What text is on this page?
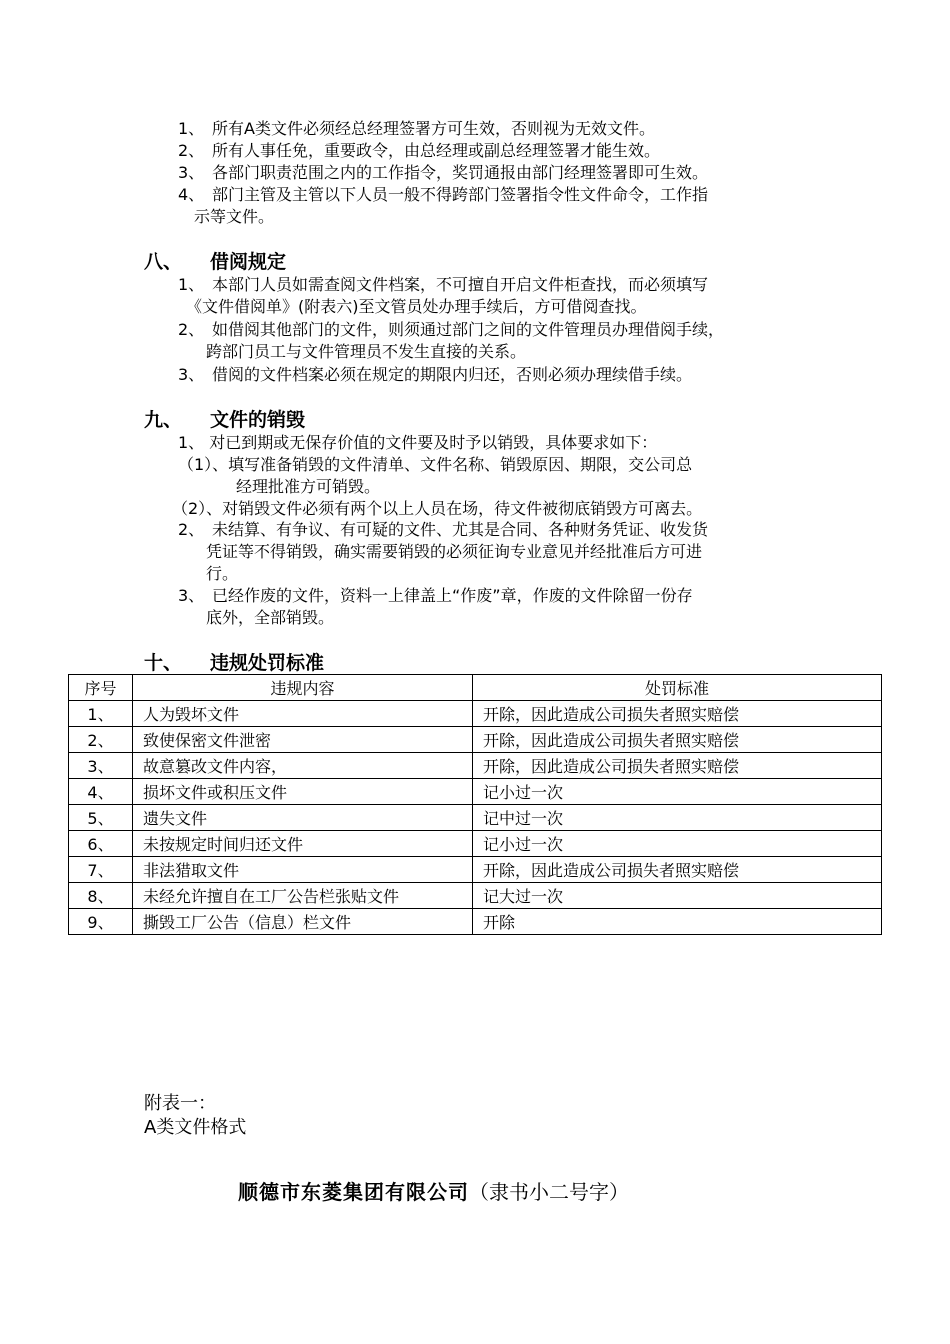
1、 所有A类文件必须经总经理签署方可生效，否则视为无效文件。
2、 所有人事任免，重要政令，由总经理或副总经理签署才能生效。
3、 各部门职责范围之内的工作指令，奖罚通报由部门经理签署即可生效。
4、 部门主管及主管以下人员一般不得跨部门签署指令性文件命令，工作指
示等文件。
八、 借阅规定
1、 本部门人员如需查阅文件档案，不可擅自开启文件柜查找，而必须填写
《文件借阅单》(附表六)至文管员处办理手续后，方可借阅查找。
2、 如借阅其他部门的文件，则须通过部门之间的文件管理员办理借阅手续，
跨部门员工与文件管理员不发生直接的关系。
3、 借阅的文件档案必须在规定的期限内归还，否则必须办理续借手续。
九、 文件的销毁
1、 对已到期或无保存价值的文件要及时予以销毁，具体要求如下：
（1）、填写准备销毁的文件清单、文件名称、销毁原因、期限，交公司总
经理批准方可销毁。
（2）、对销毁文件必须有两个以上人员在场，待文件被彻底销毁方可离去。
2、 未结算、有争议、有可疑的文件、尤其是合同、各种财务凭证、收发货
凭证等不得销毁，确实需要销毁的必须征询专业意见并经批准后方可进
行。
3、 已经作废的文件，资料一上律盖上“作废”章，作废的文件除留一份存
底外，全部销毁。
十、 违规处罚标准
序号	违规内容	处罚标准
1、	人为毁坏文件	开除，因此造成公司损失者照实赔偿
2、	致使保密文件泄密	开除，因此造成公司损失者照实赔偿
3、	故意篡改文件内容，	开除，因此造成公司损失者照实赔偿
4、	损坏文件或积压文件	记小过一次
5、	遗失文件	记中过一次
6、	未按规定时间归还文件	记小过一次
7、	非法猎取文件	开除，因此造成公司损失者照实赔偿
8、	未经允许擅自在工厂公告栏张贴文件	记大过一次
9、	撕毁工厂公告（信息）栏文件	开除
附表一：
A类文件格式
顺德市东菱集团有限公司（隶书小二号字）
